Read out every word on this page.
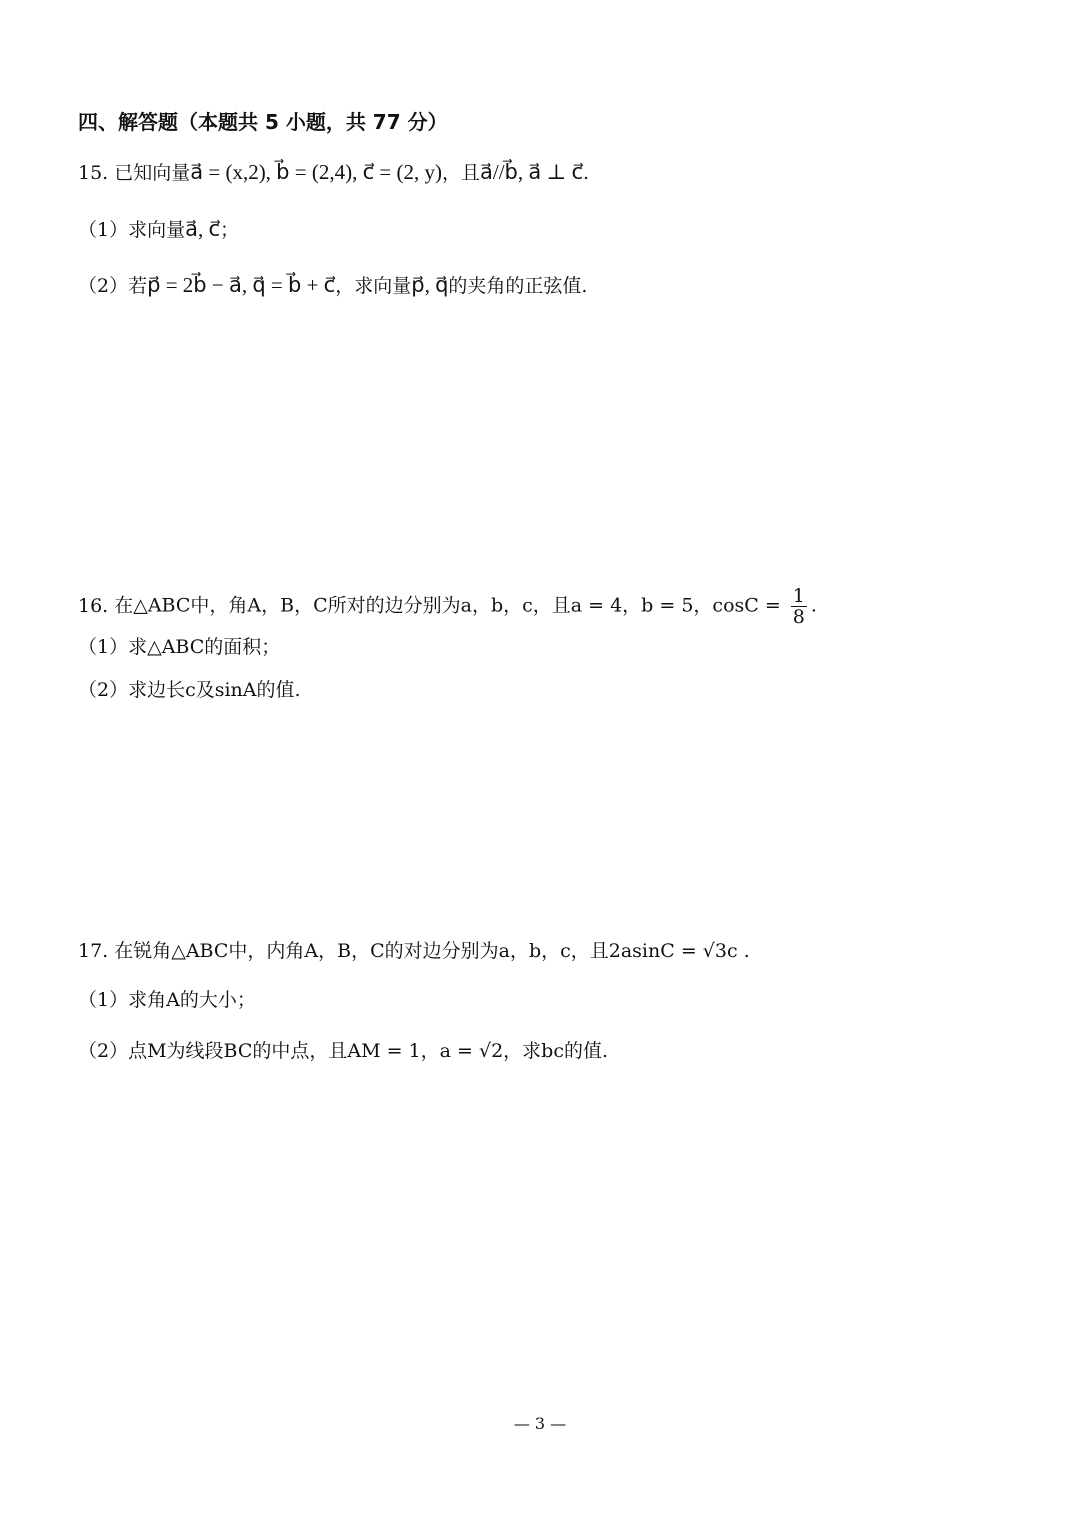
四、解答题（本题共 5 小题，共 77 分）
15. 已知向量a⃗ = (x,2), b⃗ = (2,4), c⃗ = (2, y)，且a⃗//b⃗, a⃗ ⊥ c⃗.
（1）求向量a⃗, c⃗；
（2）若p⃗ = 2b⃗ − a⃗, q⃗ = b⃗ + c⃗，求向量p⃗, q⃗的夹角的正弦值.
16. 在△ABC中，角A，B，C所对的边分别为a，b，c，且a = 4，b = 5，$\cos C = \frac{1}{8}$ .
（1）求△ABC的面积；
（2）求边长c及sinA的值.
17. 在锐角△ABC中，内角A，B，C的对边分别为a，b，c，且2asinC = √3c .
（1）求角A的大小；
（2）点M为线段BC的中点，且AM = 1，a = √2，求bc的值.
— 3 —
